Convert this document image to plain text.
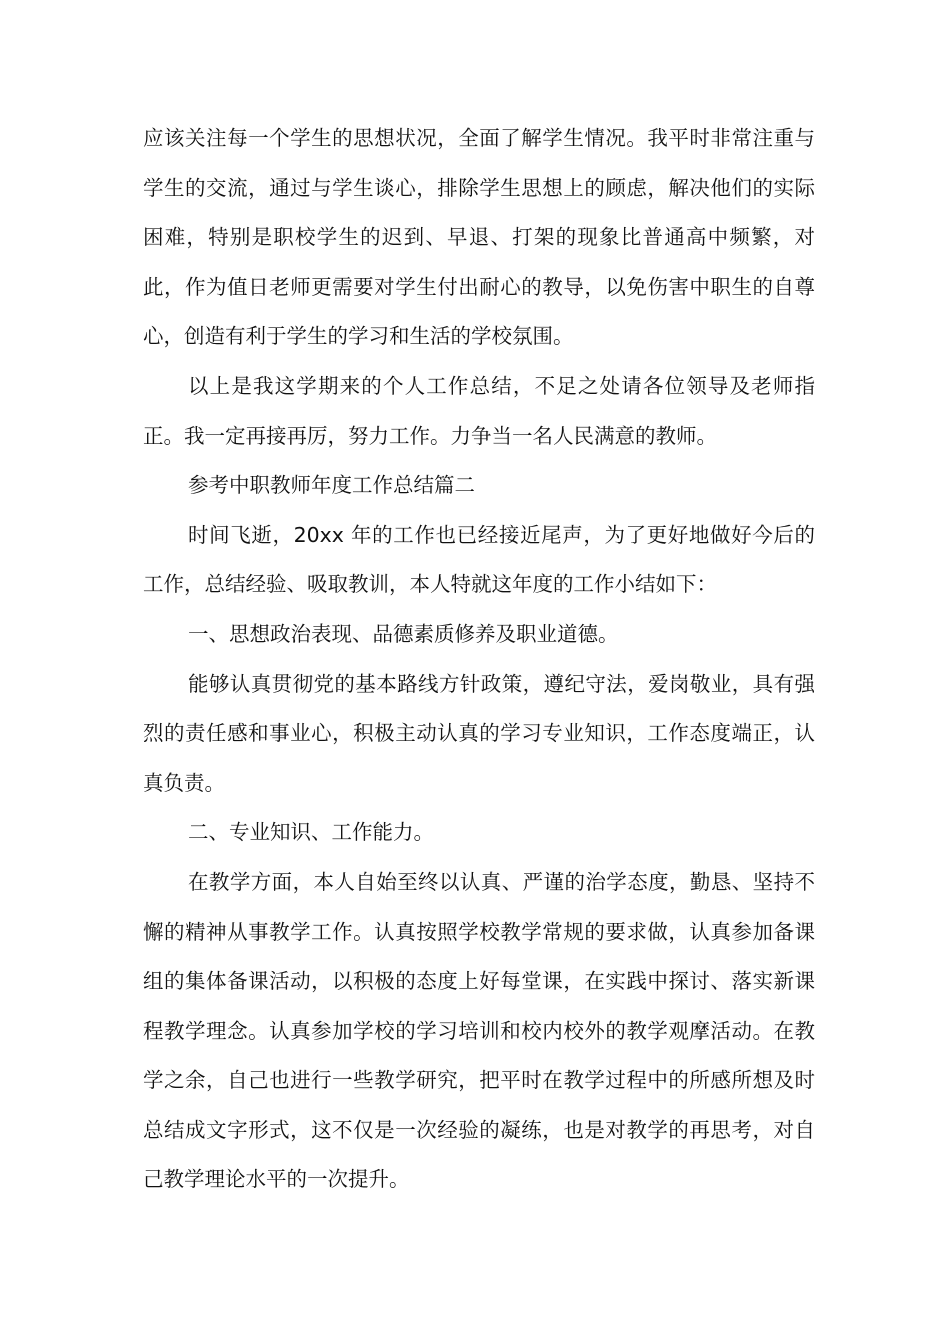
应该关注每一个学生的思想状况，全面了解学生情况。我平时非常注重与学生的交流，通过与学生谈心，排除学生思想上的顾虑，解决他们的实际困难，特别是职校学生的迟到、早退、打架的现象比普通高中频繁，对此，作为值日老师更需要对学生付出耐心的教导，以免伤害中职生的自尊心，创造有利于学生的学习和生活的学校氛围。

以上是我这学期来的个人工作总结，不足之处请各位领导及老师指正。我一定再接再厉，努力工作。力争当一名人民满意的教师。

参考中职教师年度工作总结篇二

时间飞逝，20xx 年的工作也已经接近尾声，为了更好地做好今后的工作，总结经验、吸取教训，本人特就这年度的工作小结如下：

一、思想政治表现、品德素质修养及职业道德。

能够认真贯彻党的基本路线方针政策，遵纪守法，爱岗敬业，具有强烈的责任感和事业心，积极主动认真的学习专业知识，工作态度端正，认真负责。

二、专业知识、工作能力。

在教学方面，本人自始至终以认真、严谨的治学态度，勤恳、坚持不懈的精神从事教学工作。认真按照学校教学常规的要求做，认真参加备课组的集体备课活动，以积极的态度上好每堂课，在实践中探讨、落实新课程教学理念。认真参加学校的学习培训和校内校外的教学观摩活动。在教学之余，自己也进行一些教学研究，把平时在教学过程中的所感所想及时总结成文字形式，这不仅是一次经验的凝练，也是对教学的再思考，对自己教学理论水平的一次提升。
